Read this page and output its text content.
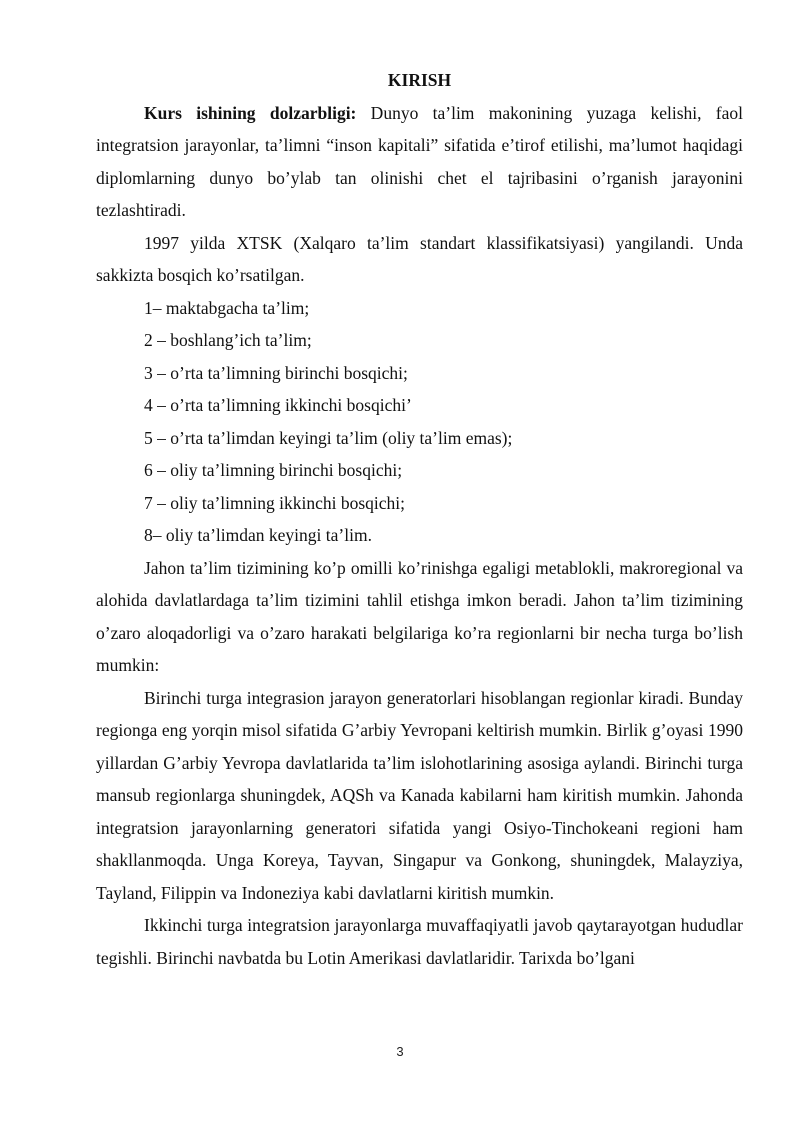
KIRISH

Kurs ishining dolzarbligi: Dunyo ta’lim makonining yuzaga kelishi, faol integratsion jarayonlar, ta’limni “inson kapitali” sifatida e’tirof etilishi, ma’lumot haqidagi diplomlarning dunyo bo’ylab tan olinishi chet el tajribasini o’rganish jarayonini tezlashtiradi.

1997 yilda XTSK (Xalqaro ta’lim standart klassifikatsiyasi) yangilandi. Unda sakkizta bosqich ko’rsatilgan.

1– maktabgacha ta’lim;
2 – boshlang’ich ta’lim;
3 – o’rta ta’limning birinchi bosqichi;
4 – o’rta ta’limning ikkinchi bosqichi’
5 – o’rta ta’limdan keyingi ta’lim (oliy ta’lim emas);
6 – oliy ta’limning birinchi bosqichi;
7 – oliy ta’limning ikkinchi bosqichi;
8– oliy ta’limdan keyingi ta’lim.

Jahon ta’lim tizimining ko’p omilli ko’rinishga egaligi metablokli, makroregional va alohida davlatlardaga ta’lim tizimini tahlil etishga imkon beradi. Jahon ta’lim tizimining o’zaro aloqadorligi va o’zaro harakati belgilariga ko’ra regionlarni bir necha turga bo’lish mumkin:

Birinchi turga integrasion jarayon generatorlari hisoblangan regionlar kiradi. Bunday regionga eng yorqin misol sifatida G’arbiy Yevropani keltirish mumkin. Birlik g’oyasi 1990 yillardan G’arbiy Yevropa davlatlarida ta’lim islohotlarining asosiga aylandi. Birinchi turga mansub regionlarga shuningdek, AQSh va Kanada kabilarni ham kiritish mumkin. Jahonda integratsion jarayonlarning generatori sifatida yangi Osiyo-Tinchokeani regioni ham shakllanmoqda. Unga Koreya, Tayvan, Singapur va Gonkong, shuningdek, Malayziya, Tayland, Filippin va Indoneziya kabi davlatlarni kiritish mumkin.

Ikkinchi turga integratsion jarayonlarga muvaffaqiyatli javob qaytarayotgan hududlar tegishli. Birinchi navbatda bu Lotin Amerikasi davlatlaridir. Tarixda bo’lgani

3
